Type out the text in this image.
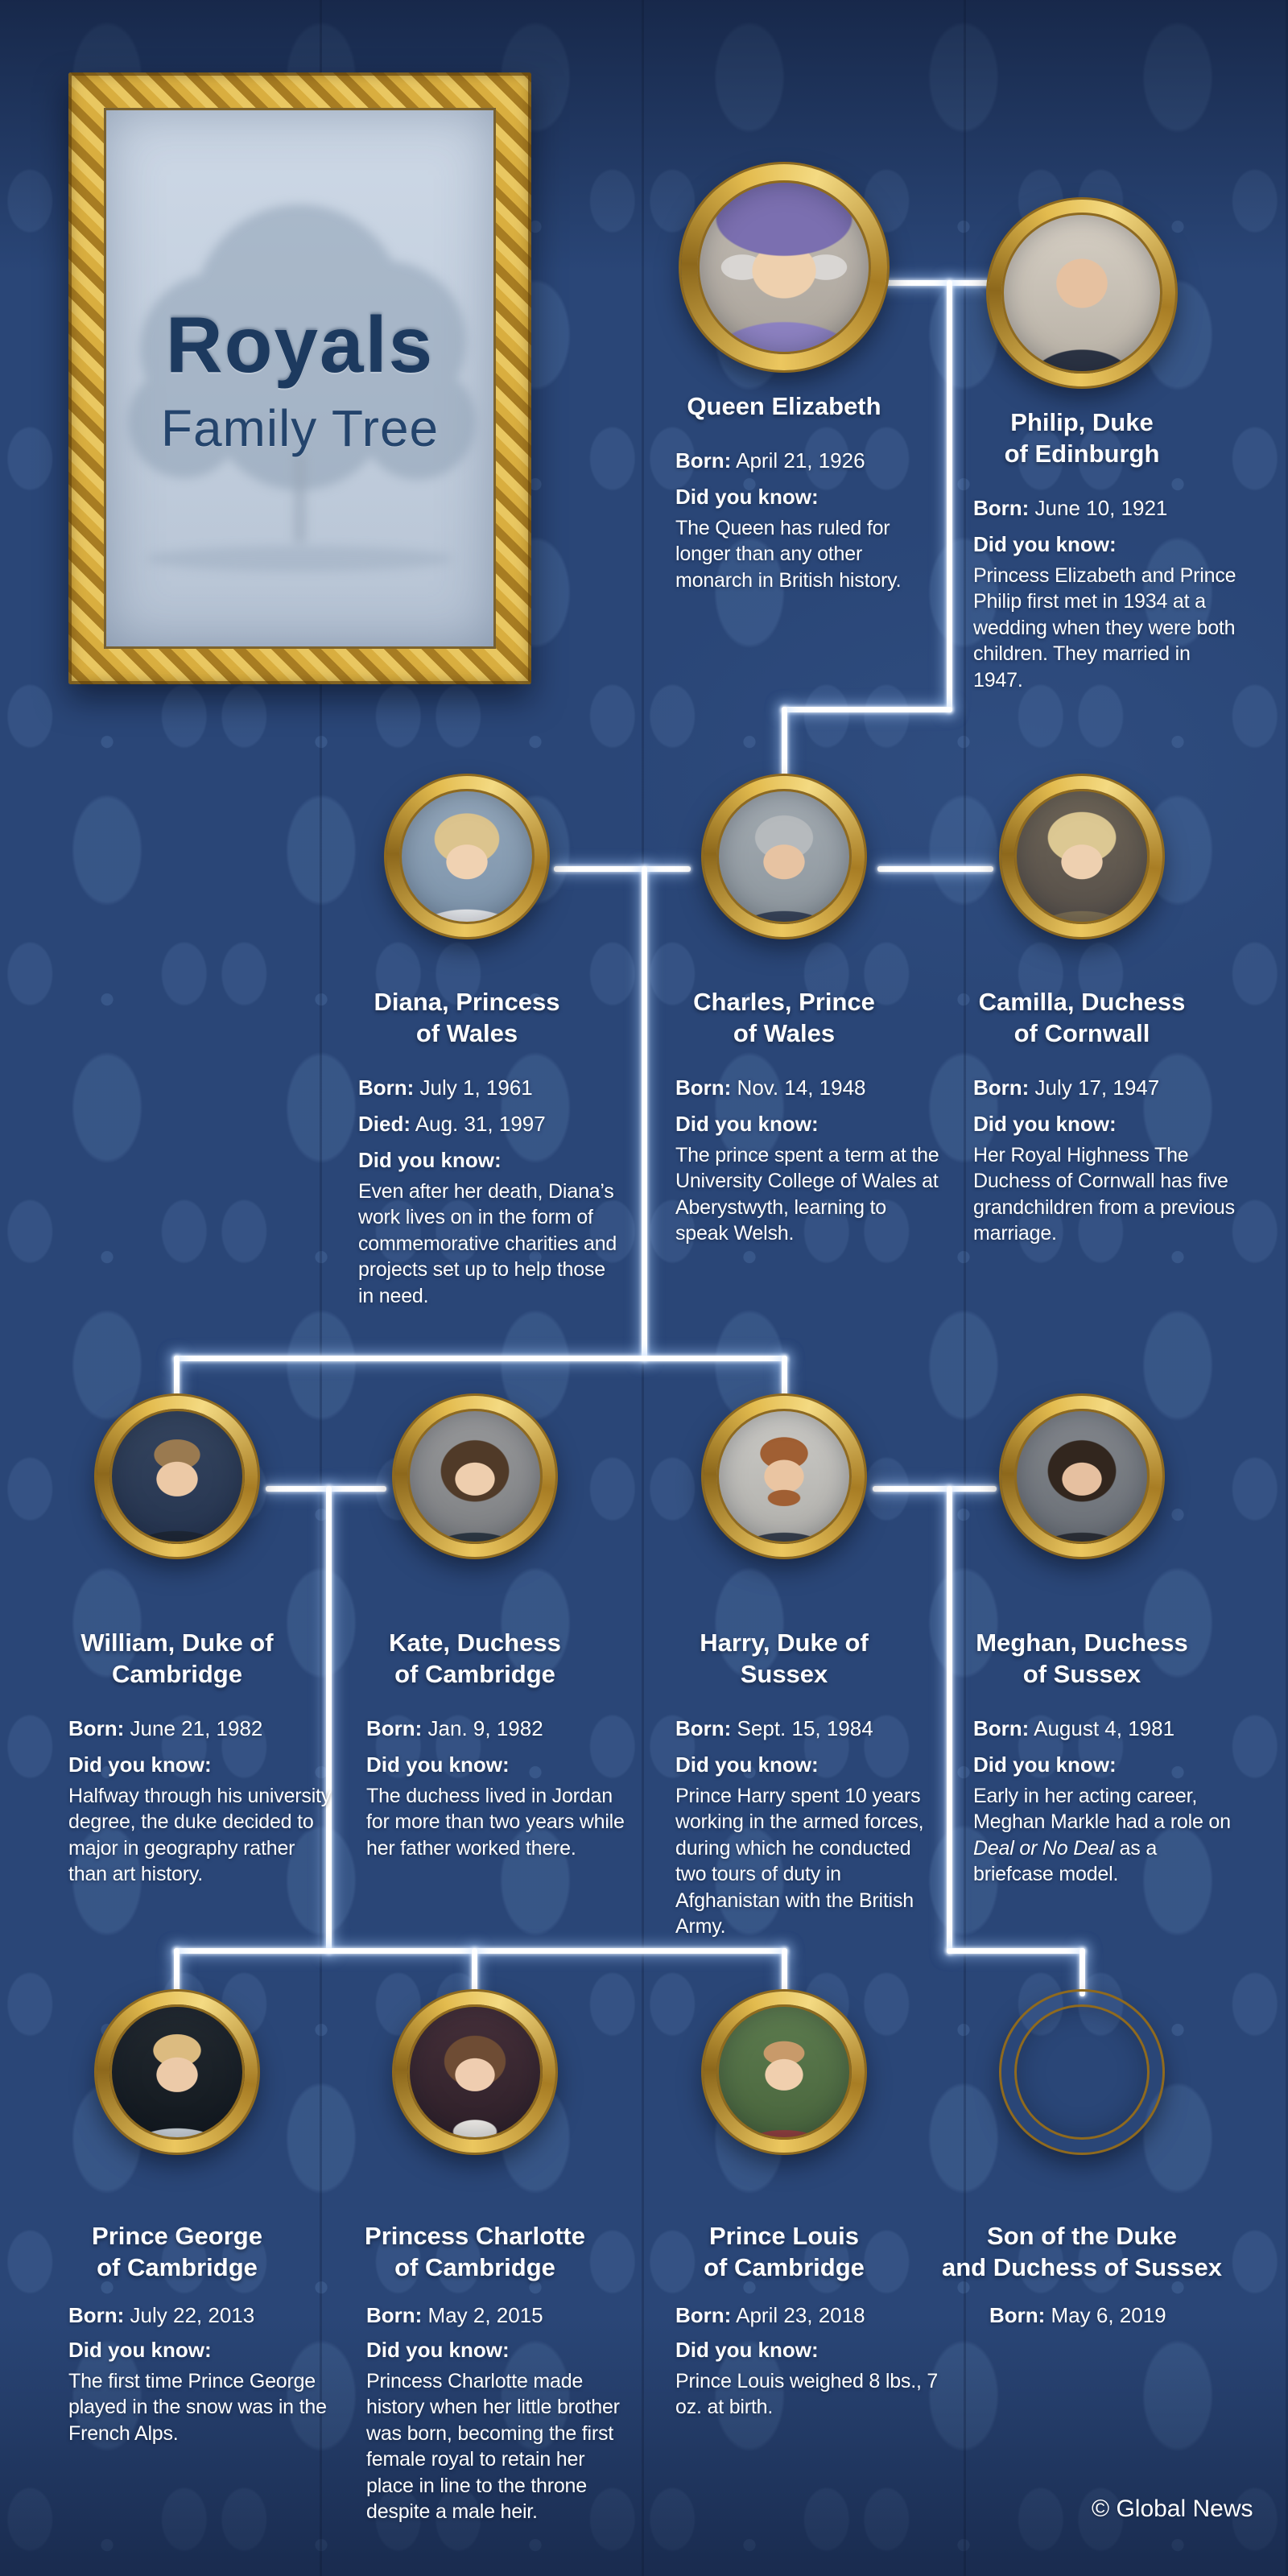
Royals
Family Tree	Queen Elizabeth
Born: April 21, 1926
Did you know:
The Queen has ruled for longer than any other monarch in British history.
Philip, Duke
of Edinburgh
Born: June 10, 1921
Did you know:
Princess Elizabeth and Prince Philip first met in 1934 at a wedding when they were both children. They married in 1947.
Diana, Princess
of Wales
Born: July 1, 1961
Died: Aug. 31, 1997
Did you know:
Even after her death, Diana’s work lives on in the form of commemorative charities and projects set up to help those in need.
Charles, Prince
of Wales
Born: Nov. 14, 1948
Did you know:
The prince spent a term at the University College of Wales at Aberystwyth, learning to speak Welsh.
Camilla, Duchess
of Cornwall
Born: July 17, 1947
Did you know:
Her Royal Highness The Duchess of Cornwall has five grandchildren from a previous marriage.
William, Duke of
Cambridge
Born: June 21, 1982
Did you know:
Halfway through his university degree, the duke decided to major in geography rather than art history.
Kate, Duchess
of Cambridge
Born: Jan. 9, 1982
Did you know:
The duchess lived in Jordan for more than two years while her father worked there.
Harry, Duke of
Sussex
Born: Sept. 15, 1984
Did you know:
Prince Harry spent 10 years working in the armed forces, during which he conducted two tours of duty in Afghanistan with the British Army.
Meghan, Duchess
of Sussex
Born: August 4, 1981
Did you know:
Early in her acting career, Meghan Markle had a role on Deal or No Deal as a briefcase model.
Prince George
of Cambridge
Born: July 22, 2013
Did you know:
The first time Prince George played in the snow was in the French Alps.
Princess Charlotte
of Cambridge
Born: May 2, 2015
Did you know:
Princess Charlotte made history when her little brother was born, becoming the first female royal to retain her place in line to the throne despite a male heir.
Prince Louis
of Cambridge
Born: April 23, 2018
Did you know:
Prince Louis weighed 8 lbs., 7 oz. at birth.
Son of the Duke
and Duchess of Sussex
Born: May 6, 2019
© Global News
